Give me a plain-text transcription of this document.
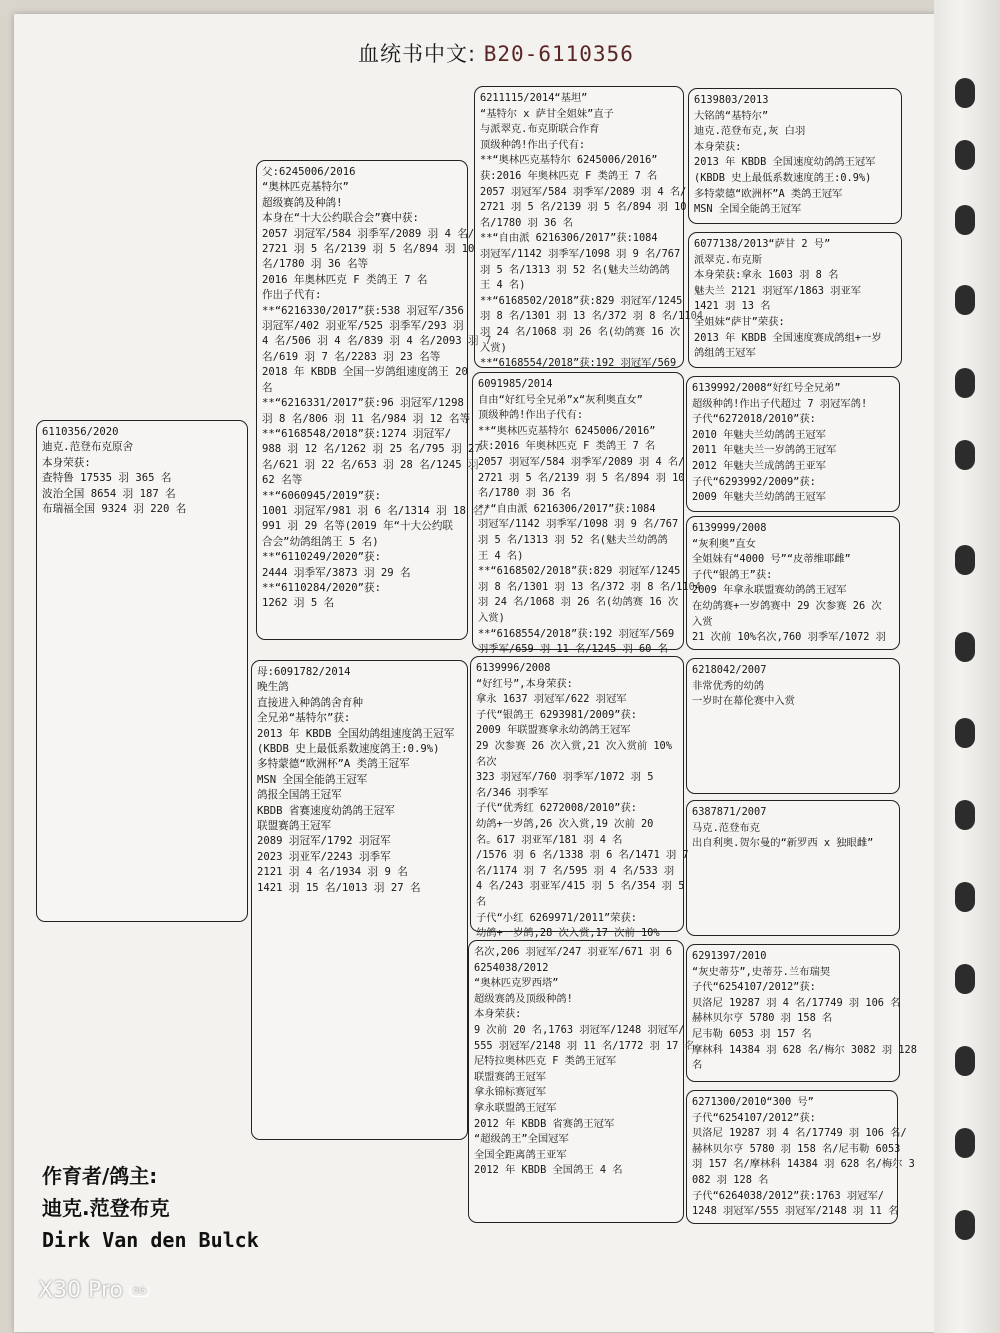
血统书中文: B20-6110356
6110356/2020
迪克.范登布克原舍
本身荣获:
查特鲁 17535 羽 365 名
波治全国 8654 羽 187 名
布瑞福全国 9324 羽 220 名
父:6245006/2016
“奥林匹克基特尔”
超级赛鸽及种鸽!
本身在“十大公约联合会”赛中获:
2057 羽冠军/584 羽季军/2089 羽 4 名/
2721 羽 5 名/2139 羽 5 名/894 羽 10
名/1780 羽 36 名等
2016 年奥林匹克 F 类鸽王 7 名
作出子代有:
**“6216330/2017”获:538 羽冠军/356
羽冠军/402 羽亚军/525 羽季军/293 羽
4 名/506 羽 4 名/839 羽 4 名/2093 羽 7
名/619 羽 7 名/2283 羽 23 名等
2018 年 KBDB 全国一岁鸽组速度鸽王 20
名
**“6216331/2017”获:96 羽冠军/1298
羽 8 名/806 羽 11 名/984 羽 12 名等
**“6168548/2018”获:1274 羽冠军/
988 羽 12 名/1262 羽 25 名/795 羽 27
名/621 羽 22 名/653 羽 28 名/1245 羽
62 名等
**“6060945/2019”获:
1001 羽冠军/981 羽 6 名/1314 羽 18 名/
991 羽 29 名等(2019 年“十大公约联
合会”幼鸽组鸽王 5 名)
**“6110249/2020”获:
2444 羽季军/3873 羽 29 名
**“6110284/2020”获:
1262 羽 5 名
母:6091782/2014
晚生鸽
直接进入种鸽鸽舍育种
全兄弟“基特尔”获:
2013 年 KBDB 全国幼鸽组速度鸽王冠军
(KBDB 史上最低系数速度鸽王:0.9%)
多特蒙德“欧洲杯”A 类鸽王冠军
MSN 全国全能鸽王冠军
鸽报全国鸽王冠军
KBDB 省赛速度幼鸽鸽王冠军
联盟赛鸽王冠军
2089 羽冠军/1792 羽冠军
2023 羽亚军/2243 羽季军
2121 羽 4 名/1934 羽 9 名
1421 羽 15 名/1013 羽 27 名
6211115/2014“基坦”
“基特尔 x 萨甘全姐妹”直子
与派翠克.布克斯联合作育
顶级种鸽!作出子代有:
**“奥林匹克基特尔 6245006/2016”
获:2016 年奥林匹克 F 类鸽王 7 名
2057 羽冠军/584 羽季军/2089 羽 4 名/
2721 羽 5 名/2139 羽 5 名/894 羽 10
名/1780 羽 36 名
**“自由派 6216306/2017”获:1084
羽冠军/1142 羽季军/1098 羽 9 名/767
羽 5 名/1313 羽 52 名(魅夫兰幼鸽鸽
王 4 名)
**“6168502/2018”获:829 羽冠军/1245
羽 8 名/1301 羽 13 名/372 羽 8 名/1104
羽 24 名/1068 羽 26 名(幼鸽赛 16 次
入赏)
**“6168554/2018”获:192 羽冠军/569
6091985/2014
自由“好红号全兄弟”x“灰利奥直女”
顶级种鸽!作出子代有:
**“奥林匹克基特尔 6245006/2016”
获:2016 年奥林匹克 F 类鸽王 7 名
2057 羽冠军/584 羽季军/2089 羽 4 名/
2721 羽 5 名/2139 羽 5 名/894 羽 10
名/1780 羽 36 名
**“自由派 6216306/2017”获:1084
羽冠军/1142 羽季军/1098 羽 9 名/767
羽 5 名/1313 羽 52 名(魅夫兰幼鸽鸽
王 4 名)
**“6168502/2018”获:829 羽冠军/1245
羽 8 名/1301 羽 13 名/372 羽 8 名/1104
羽 24 名/1068 羽 26 名(幼鸽赛 16 次
入赏)
**“6168554/2018”获:192 羽冠军/569
羽季军/659 羽 11 名/1245 羽 60 名
6139996/2008
“好红号”,本身荣获:
拿永 1637 羽冠军/622 羽冠军
子代“银鸽王 6293981/2009”获:
2009 年联盟赛拿永幼鸽鸽王冠军
29 次参赛 26 次入赏,21 次入赏前 10%
名次
323 羽冠军/760 羽季军/1072 羽 5
名/346 羽季军
子代“优秀红 6272008/2010”获:
幼鸽+一岁鸽,26 次入赏,19 次前 20
名。617 羽亚军/181 羽 4 名
/1576 羽 6 名/1338 羽 6 名/1471 羽 7
名/1174 羽 7 名/595 羽 4 名/533 羽
4 名/243 羽亚军/415 羽 5 名/354 羽 5
名
子代“小红 6269971/2011”荣获:
幼鸽+一岁鸽,28 次入赏,17 次前 10%
名次,206 羽冠军/247 羽亚军/671 羽 6
6254038/2012
“奥林匹克罗西塔”
超级赛鸽及顶级种鸽!
本身荣获:
9 次前 20 名,1763 羽冠军/1248 羽冠军/
555 羽冠军/2148 羽 11 名/1772 羽 17 名
尼特拉奥林匹克 F 类鸽王冠军
联盟赛鸽王冠军
拿永锦标赛冠军
拿永联盟鸽王冠军
2012 年 KBDB 省赛鸽王冠军
“超级鸽王”全国冠军
全国全距离鸽王亚军
2012 年 KBDB 全国鸽王 4 名
6139803/2013
大铭鸽“基特尔”
迪克.范登布克,灰 白羽
本身荣获:
2013 年 KBDB 全国速度幼鸽鸽王冠军
(KBDB 史上最低系数速度鸽王:0.9%)
多特蒙德“欧洲杯”A 类鸽王冠军
MSN 全国全能鸽王冠军
6077138/2013“萨甘 2 号”
派翠克.布克斯
本身荣获:拿永 1603 羽 8 名
魅夫兰 2121 羽冠军/1863 羽亚军
1421 羽 13 名
全姐妹“萨甘”荣获:
2013 年 KBDB 全国速度赛成鸽组+一岁
鸽组鸽王冠军
6139992/2008“好红号全兄弟”
超级种鸽!作出子代超过 7 羽冠军鸽!
子代“6272018/2010”获:
2010 年魅夫兰幼鸽鸽王冠军
2011 年魅夫兰一岁鸽鸽王冠军
2012 年魅夫兰成鸽鸽王亚军
子代“6293992/2009”获:
2009 年魅夫兰幼鸽鸽王冠军
6139999/2008
“灰利奥”直女
全姐妹有“4000 号”“皮蒂维耶雌”
子代“银鸽王”获:
2009 年拿永联盟赛幼鸽鸽王冠军
在幼鸽赛+一岁鸽赛中 29 次参赛 26 次
入赏
21 次前 10%名次,760 羽季军/1072 羽
6218042/2007
非常优秀的幼鸽
一岁时在幕伦赛中入赏
6387871/2007
马克.范登布克
出自利奥.贺尔曼的“新罗西 x 独眼雌”
6291397/2010
“灰史蒂芬”,史蒂芬.兰布瑞契
子代“6254107/2012”获:
贝洛尼 19287 羽 4 名/17749 羽 106 名
赫林贝尔亨 5780 羽 158 名
尼韦勒 6053 羽 157 名
摩林科 14384 羽 628 名/梅尔 3082 羽 128
名
6271300/2010“300 号”
子代“6254107/2012”获:
贝洛尼 19287 羽 4 名/17749 羽 106 名/
赫林贝尔亨 5780 羽 158 名/尼韦勒 6053
羽 157 名/摩林科 14384 羽 628 名/梅尔 3
082 羽 128 名
子代“6264038/2012”获:1763 羽冠军/
1248 羽冠军/555 羽冠军/2148 羽 11 名
作育者/鸽主:
迪克.范登布克
Dirk Van den Bulck
X30 Pro 5G
